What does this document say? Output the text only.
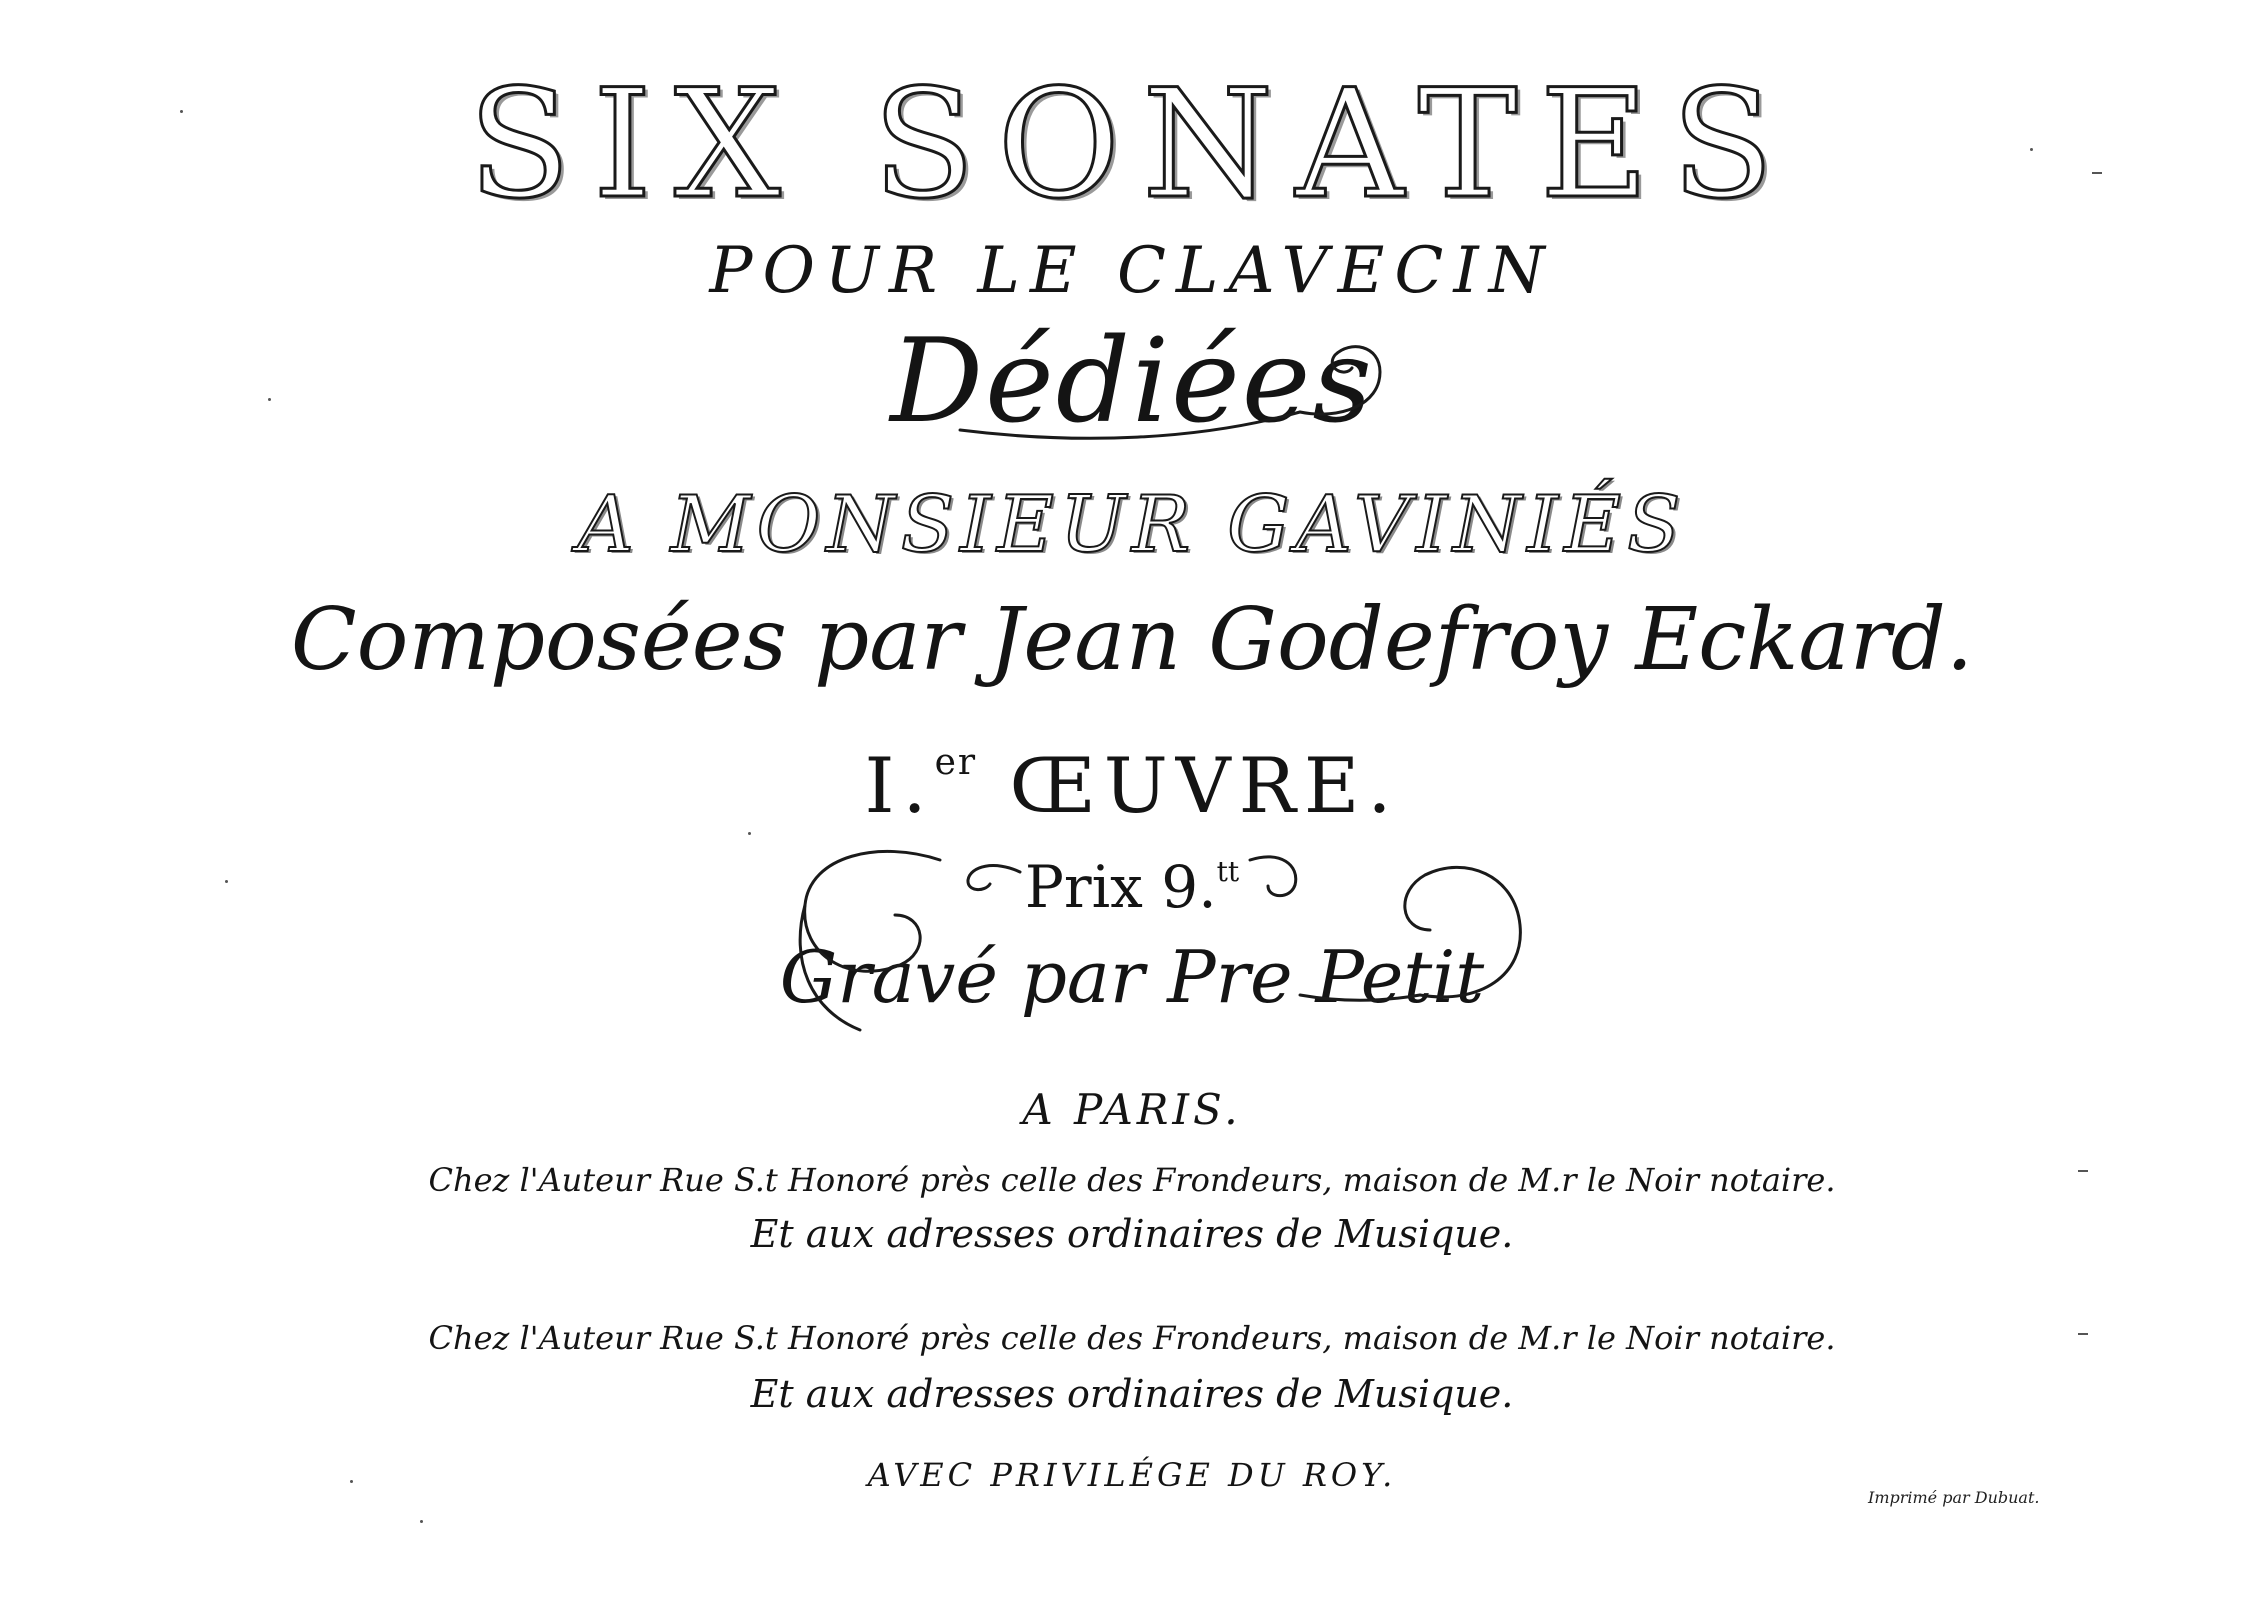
SIX SONATES
POUR LE CLAVECIN
Dédiées
A MONSIEUR GAVINIÉS
Composées par Jean Godefroy Eckard.
I.$^{er}$ ŒUVRE.
Prix 9.$^{tt}$
Gravé par Pre Petit
A PARIS.
Chez l'Auteur Rue S.t Honoré près celle des Frondeurs, maison de M.r le Noir notaire.
Et aux adresses ordinaires de Musique.
Chez l'Auteur Rue S.t Honoré près celle des Frondeurs, maison de M.r le Noir notaire.
Et aux adresses ordinaires de Musique.
AVEC PRIVILÉGE DU ROY.
Imprimé par Dubuat.
